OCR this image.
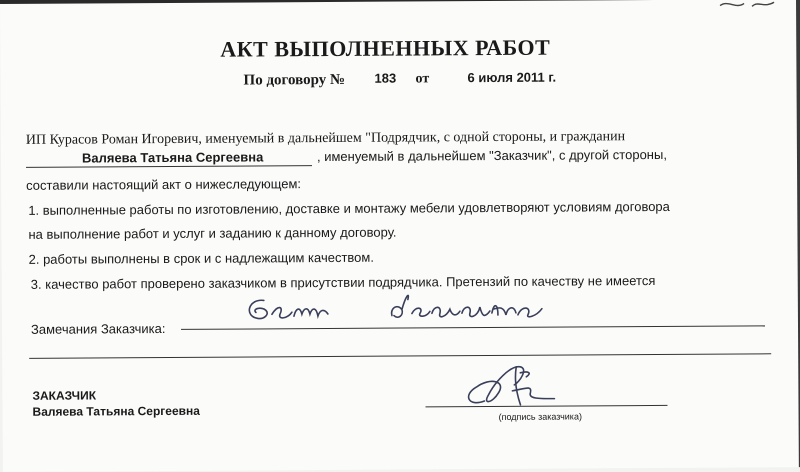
АКТ ВЫПОЛНЕННЫХ РАБОТ
По договору № 183 от	6 июля 2011 г.
ИП Курасов Роман Игоревич, именуемый в дальнейшем "Подрядчик, с одной стороны, и гражданин
Валяева Татьяна Сергеевна	, именуемый в дальнейшем "Заказчик", с другой стороны,
составили настоящий акт о нижеследующем:
1. выполненные работы по изготовлению, доставке и монтажу мебели удовлетворяют условиям договора
на выполнение работ и услуг и заданию к данному договору.
2. работы выполнены в срок и с надлежащим качеством.
3. качество работ проверено заказчиком в присутствии подрядчика. Претензий по качеству не имеется
Замечания Заказчика:
ЗАКАЗЧИК
Валяева Татьяна Сергеевна	(подпись заказчика)
